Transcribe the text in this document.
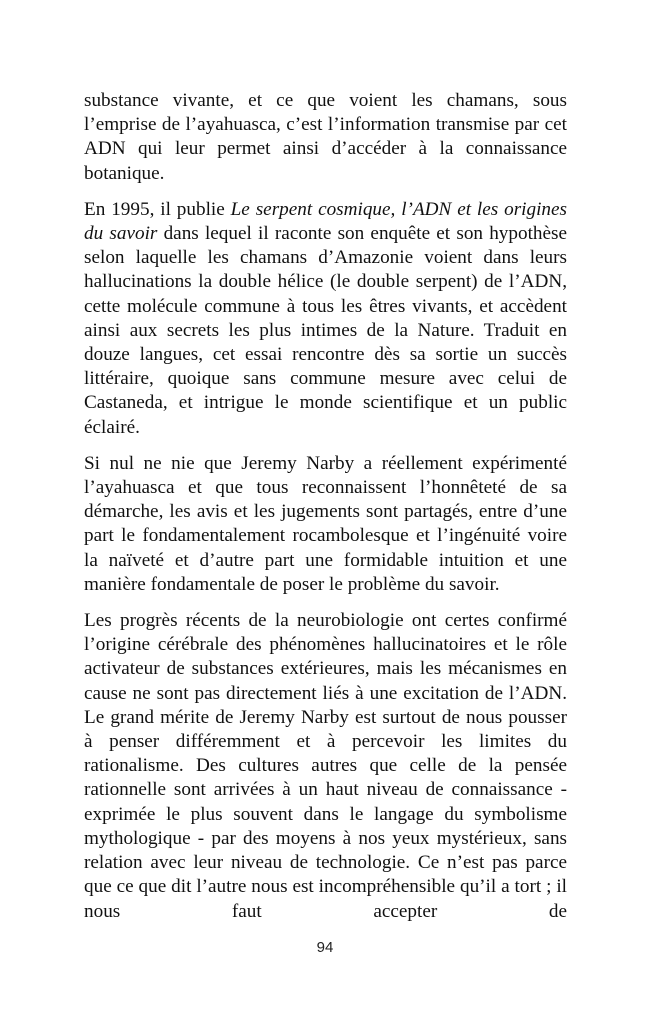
substance vivante, et ce que voient les chamans, sous l’emprise de l’ayahuasca, c’est l’information transmise par cet ADN qui leur permet ainsi d’accéder à la connaissance botanique.

En 1995, il publie Le serpent cosmique, l’ADN et les origines du savoir dans lequel il raconte son enquête et son hypothèse selon laquelle les chamans d’Amazonie voient dans leurs hallucinations la double hélice (le double serpent) de l’ADN, cette molécule commune à tous les êtres vivants, et accèdent ainsi aux secrets les plus intimes de la Nature. Traduit en douze langues, cet essai rencontre dès sa sortie un succès littéraire, quoique sans commune mesure avec celui de Castaneda, et intrigue le monde scientifique et un public éclairé.

Si nul ne nie que Jeremy Narby a réellement expérimenté l’ayahuasca et que tous reconnaissent l’honnêteté de sa démarche, les avis et les jugements sont partagés, entre d’une part le fondamentalement rocambolesque et l’ingénuité voire la naïveté et d’autre part une formidable intuition et une manière fondamentale de poser le problème du savoir.

Les progrès récents de la neurobiologie ont certes confirmé l’origine cérébrale des phénomènes hallucinatoires et le rôle activateur de substances extérieures, mais les mécanismes en cause ne sont pas directement liés à une excitation de l’ADN. Le grand mérite de Jeremy Narby est surtout de nous pousser à penser différemment et à percevoir les limites du rationalisme. Des cultures autres que celle de la pensée rationnelle sont arrivées à un haut niveau de connaissance - exprimée le plus souvent dans le langage du symbolisme mythologique - par des moyens à nos yeux mystérieux, sans relation avec leur niveau de technologie. Ce n’est pas parce que ce que dit l’autre nous est incompréhensible qu’il a tort ; il nous faut accepter de

94
